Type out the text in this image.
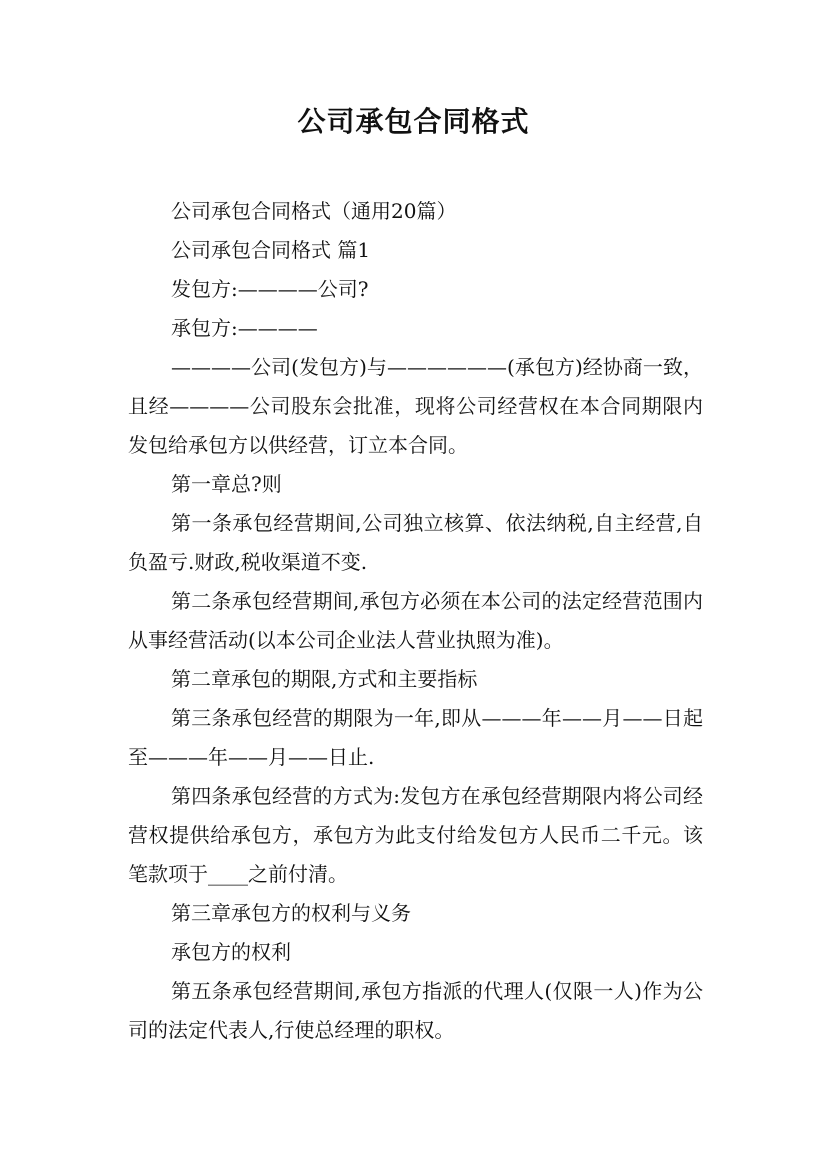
公司承包合同格式

公司承包合同格式（通用20篇）

公司承包合同格式 篇1

发包方:————公司?

承包方:————

————公司(发包方)与——————(承包方)经协商一致，且经————公司股东会批准，现将公司经营权在本合同期限内发包给承包方以供经营，订立本合同。

第一章总?则

第一条承包经营期间,公司独立核算、依法纳税,自主经营,自负盈亏.财政,税收渠道不变.

第二条承包经营期间,承包方必须在本公司的法定经营范围内从事经营活动(以本公司企业法人营业执照为准)。

第二章承包的期限,方式和主要指标

第三条承包经营的期限为一年,即从———年——月——日起至———年——月——日止.

第四条承包经营的方式为:发包方在承包经营期限内将公司经营权提供给承包方，承包方为此支付给发包方人民币二千元。该笔款项于____之前付清。

第三章承包方的权利与义务

承包方的权利

第五条承包经营期间,承包方指派的代理人(仅限一人)作为公司的法定代表人,行使总经理的职权。
